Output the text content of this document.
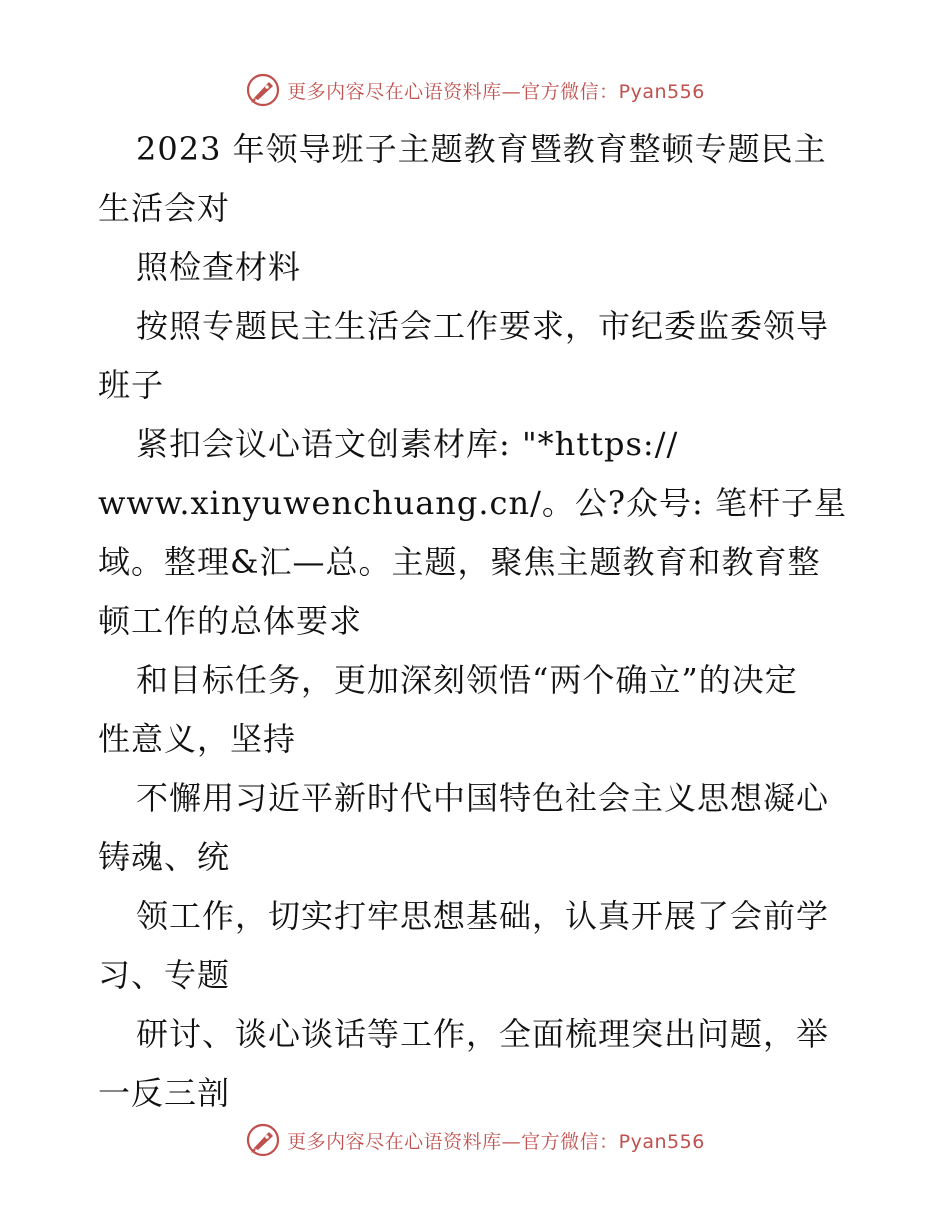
更多内容尽在心语资料库—官方微信：Pyan556
2023 年领导班子主题教育暨教育整顿专题民主
生活会对
照检查材料
按照专题民主生活会工作要求，市纪委监委领导
班子
紧扣会议心语文创素材库: "*https://
www.xinyuwenchuang.cn/。公?众号: 笔杆子星
域。整理&汇—总。主题，聚焦主题教育和教育整
顿工作的总体要求
和目标任务，更加深刻领悟“两个确立”的决定
性意义，坚持
不懈用习近平新时代中国特色社会主义思想凝心
铸魂、统
领工作，切实打牢思想基础，认真开展了会前学
习、专题
研讨、谈心谈话等工作，全面梳理突出问题，举
一反三剖
更多内容尽在心语资料库—官方微信：Pyan556
